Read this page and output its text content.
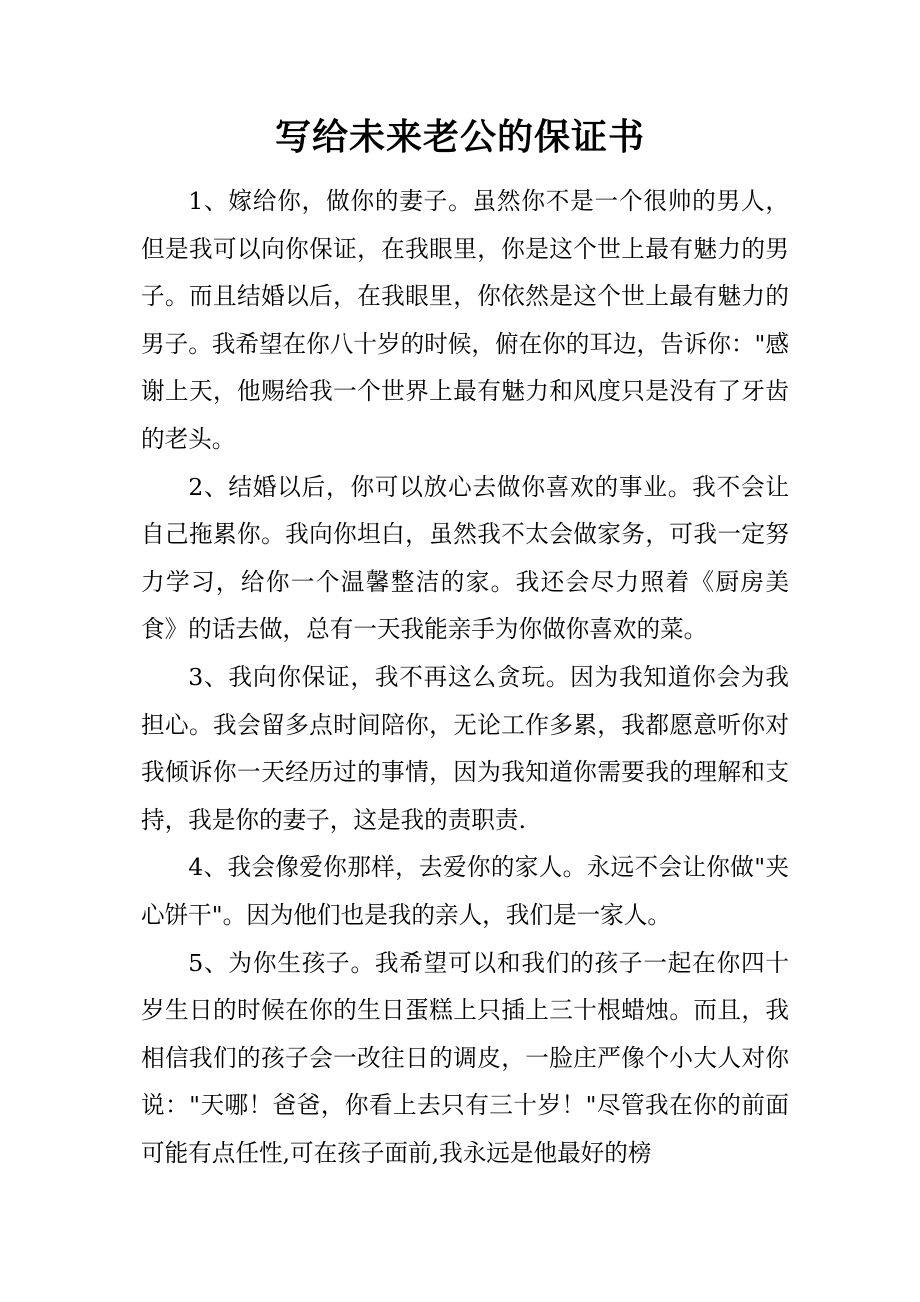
写给未来老公的保证书

1、嫁给你，做你的妻子。虽然你不是一个很帅的男人，但是我可以向你保证，在我眼里，你是这个世上最有魅力的男子。而且结婚以后，在我眼里，你依然是这个世上最有魅力的男子。我希望在你八十岁的时候，俯在你的耳边，告诉你："感谢上天，他赐给我一个世界上最有魅力和风度只是没有了牙齿的老头。

2、结婚以后，你可以放心去做你喜欢的事业。我不会让自己拖累你。我向你坦白，虽然我不太会做家务，可我一定努力学习，给你一个温馨整洁的家。我还会尽力照着《厨房美食》的话去做，总有一天我能亲手为你做你喜欢的菜。

3、我向你保证，我不再这么贪玩。因为我知道你会为我担心。我会留多点时间陪你，无论工作多累，我都愿意听你对我倾诉你一天经历过的事情，因为我知道你需要我的理解和支持，我是你的妻子，这是我的责职责.

4、我会像爱你那样，去爱你的家人。永远不会让你做"夹心饼干"。因为他们也是我的亲人，我们是一家人。

5、为你生孩子。我希望可以和我们的孩子一起在你四十岁生日的时候在你的生日蛋糕上只插上三十根蜡烛。而且，我相信我们的孩子会一改往日的调皮，一脸庄严像个小大人对你说："天哪！爸爸，你看上去只有三十岁！"尽管我在你的前面可能有点任性,可在孩子面前,我永远是他最好的榜
